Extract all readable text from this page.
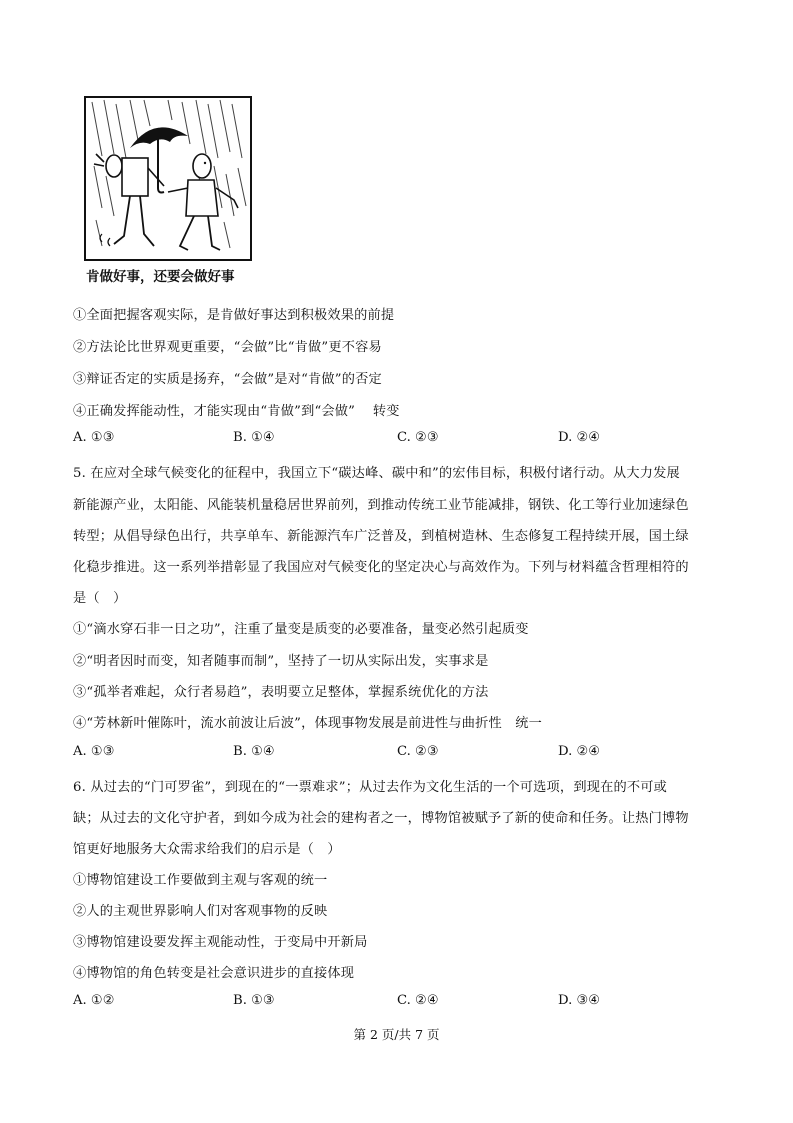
肯做好事，还要会做好事
①全面把握客观实际，是肯做好事达到积极效果的前提
②方法论比世界观更重要，“会做”比“肯做”更不容易
③辩证否定的实质是扬弃，“会做”是对“肯做”的否定
④正确发挥能动性，才能实现由“肯做”到“会做”　 转变
A. ①③	B. ①④	C. ②③	D. ②④
5. 在应对全球气候变化的征程中，我国立下“碳达峰、碳中和”的宏伟目标，积极付诸行动。从大力发展
新能源产业，太阳能、风能装机量稳居世界前列，到推动传统工业节能减排，钢铁、化工等行业加速绿色
转型；从倡导绿色出行，共享单车、新能源汽车广泛普及，到植树造林、生态修复工程持续开展，国土绿
化稳步推进。这一系列举措彰显了我国应对气候变化的坚定决心与高效作为。下列与材料蕴含哲理相符的
是（　）
①“滴水穿石非一日之功”，注重了量变是质变的必要准备，量变必然引起质变
②“明者因时而变，知者随事而制”，坚持了一切从实际出发，实事求是
③“孤举者难起，众行者易趋”，表明要立足整体，掌握系统优化的方法
④“芳林新叶催陈叶，流水前波让后波”，体现事物发展是前进性与曲折性　统一
A. ①③	B. ①④	C. ②③	D. ②④
6. 从过去的“门可罗雀”，到现在的“一票难求”；从过去作为文化生活的一个可选项，到现在的不可或
缺；从过去的文化守护者，到如今成为社会的建构者之一，博物馆被赋予了新的使命和任务。让热门博物
馆更好地服务大众需求给我们的启示是（　）
①博物馆建设工作要做到主观与客观的统一
②人的主观世界影响人们对客观事物的反映
③博物馆建设要发挥主观能动性，于变局中开新局
④博物馆的角色转变是社会意识进步的直接体现
A. ①②	B. ①③	C. ②④	D. ③④
第 2 页/共 7 页
